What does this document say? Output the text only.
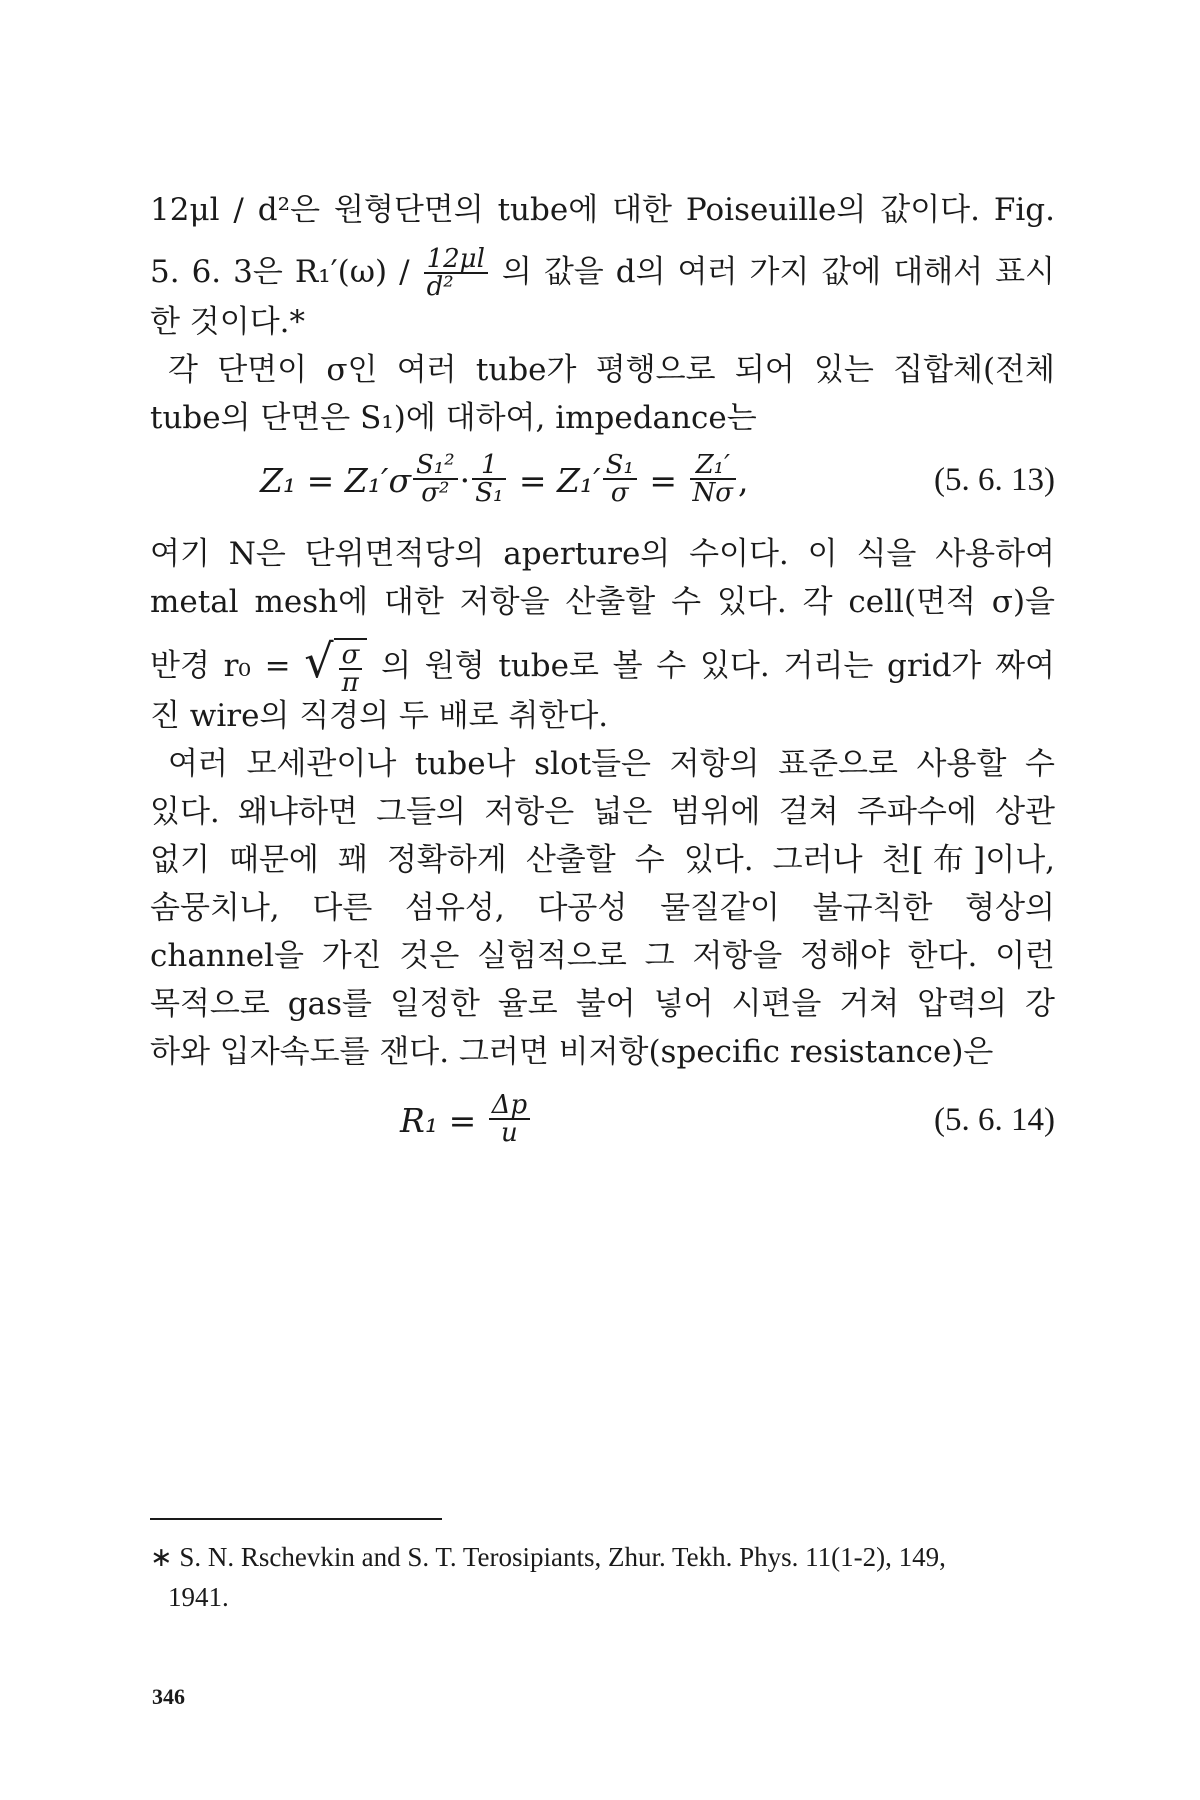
12μl / d²은 원형단면의 tube에 대한 Poiseuille의 값이다. Fig.
5. 6. 3은 $R_1'(\omega) / \frac{12\mu l}{\text{d²}}$ 의 값을 d의 여러 가지 값에 대해서 표시
한 것이다.*
각 단면이 σ인 여러 tube가 평행으로 되어 있는 집합체(전체
tube의 단면은 S₁)에 대하여, impedance는
$Z_1 = Z_1'\sigma \frac{\text{S₁²}}{\text{σ²}} \cdot \frac{1}{\text{S₁}} = Z_1' \frac{\text{S₁}}{\sigma} = \frac{\text{Z₁′}}{N\sigma}$ ,	(5. 6. 13)
여기 N은 단위면적당의 aperture의 수이다. 이 식을 사용하여
metal mesh에 대한 저항을 산출할 수 있다. 각 cell(면적 σ)을
반경 r₀ = √ $\frac{\sigma}{\pi}$ 의 원형 tube로 볼 수 있다. 거리는 grid가 짜여
진 wire의 직경의 두 배로 취한다.
여러 모세관이나 tube나 slot들은 저항의 표준으로 사용할 수
있다. 왜냐하면 그들의 저항은 넓은 범위에 걸쳐 주파수에 상관
없기 때문에 꽤 정확하게 산출할 수 있다. 그러나 천[布]이나,
솜뭉치나, 다른 섬유성, 다공성 물질같이 불규칙한 형상의
channel을 가진 것은 실험적으로 그 저항을 정해야 한다. 이런
목적으로 gas를 일정한 율로 불어 넣어 시편을 거쳐 압력의 강
하와 입자속도를 잰다. 그러면 비저항(specific resistance)은
$R_1 = \frac{\Delta p}{u}$	(5. 6. 14)
∗ S. N. Rschevkin and S. T. Terosipiants, Zhur. Tekh. Phys. 11(1-2), 149,
1941.
346
